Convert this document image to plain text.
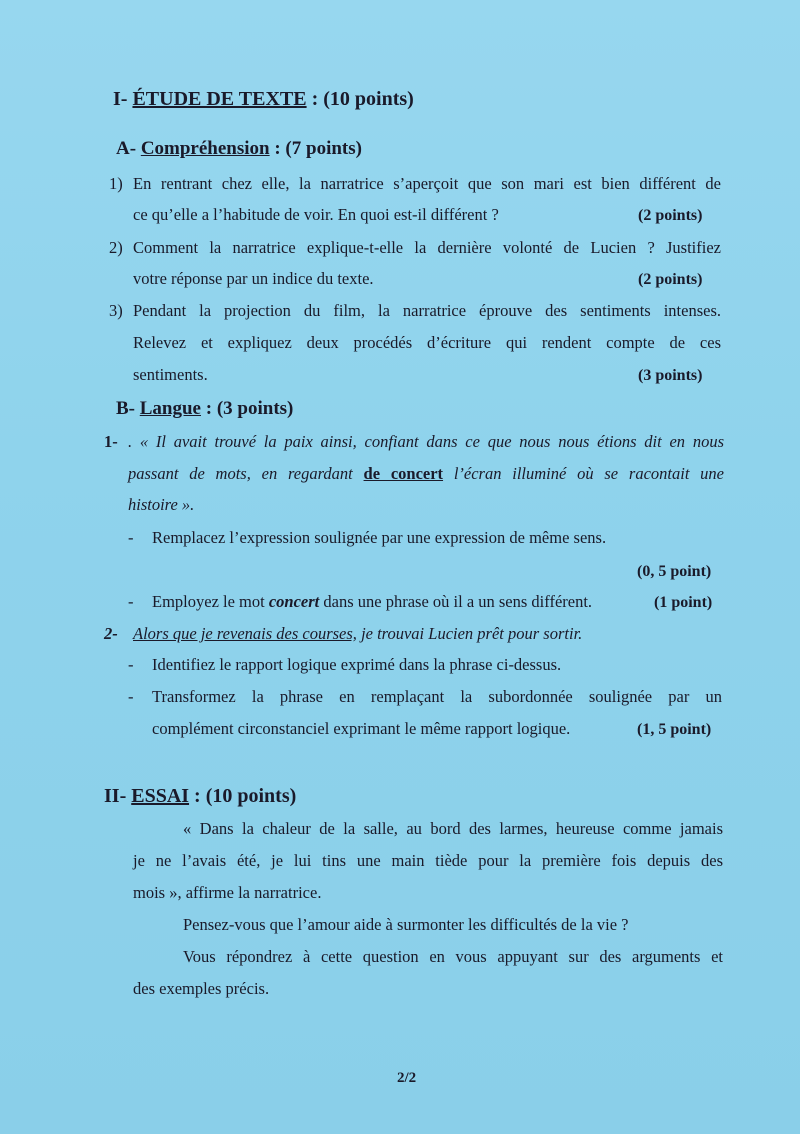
I- ÉTUDE DE TEXTE : (10 points)
A- Compréhension : (7 points)
1) En rentrant chez elle, la narratrice s’aperçoit que son mari est bien différent de
ce qu’elle a l’habitude de voir. En quoi est-il différent ?	(2 points)
2) Comment la narratrice explique-t-elle la dernière volonté de Lucien ? Justifiez
votre réponse par un indice du texte.	(2 points)
3) Pendant la projection du film, la narratrice éprouve des sentiments intenses.
Relevez et expliquez deux procédés d’écriture qui rendent compte de ces
sentiments.	(3 points)
B- Langue : (3 points)
1- . « Il avait trouvé la paix ainsi, confiant dans ce que nous nous étions dit en nous
passant de mots, en regardant de concert l’écran illuminé où se racontait une
histoire ».
- Remplacez l’expression soulignée par une expression de même sens.
(0, 5 point)
- Employez le mot concert dans une phrase où il a un sens différent.	(1 point)
2- Alors que je revenais des courses, je trouvai Lucien prêt pour sortir.
- Identifiez le rapport logique exprimé dans la phrase ci-dessus.
- Transformez la phrase en remplaçant la subordonnée soulignée par un
complément circonstanciel exprimant le même rapport logique.	(1, 5 point)
II- ESSAI : (10 points)
« Dans la chaleur de la salle, au bord des larmes, heureuse comme jamais
je ne l’avais été, je lui tins une main tiède pour la première fois depuis des
mois », affirme la narratrice.
Pensez-vous que l’amour aide à surmonter les difficultés de la vie ?
Vous répondrez à cette question en vous appuyant sur des arguments et
des exemples précis.
2/2
